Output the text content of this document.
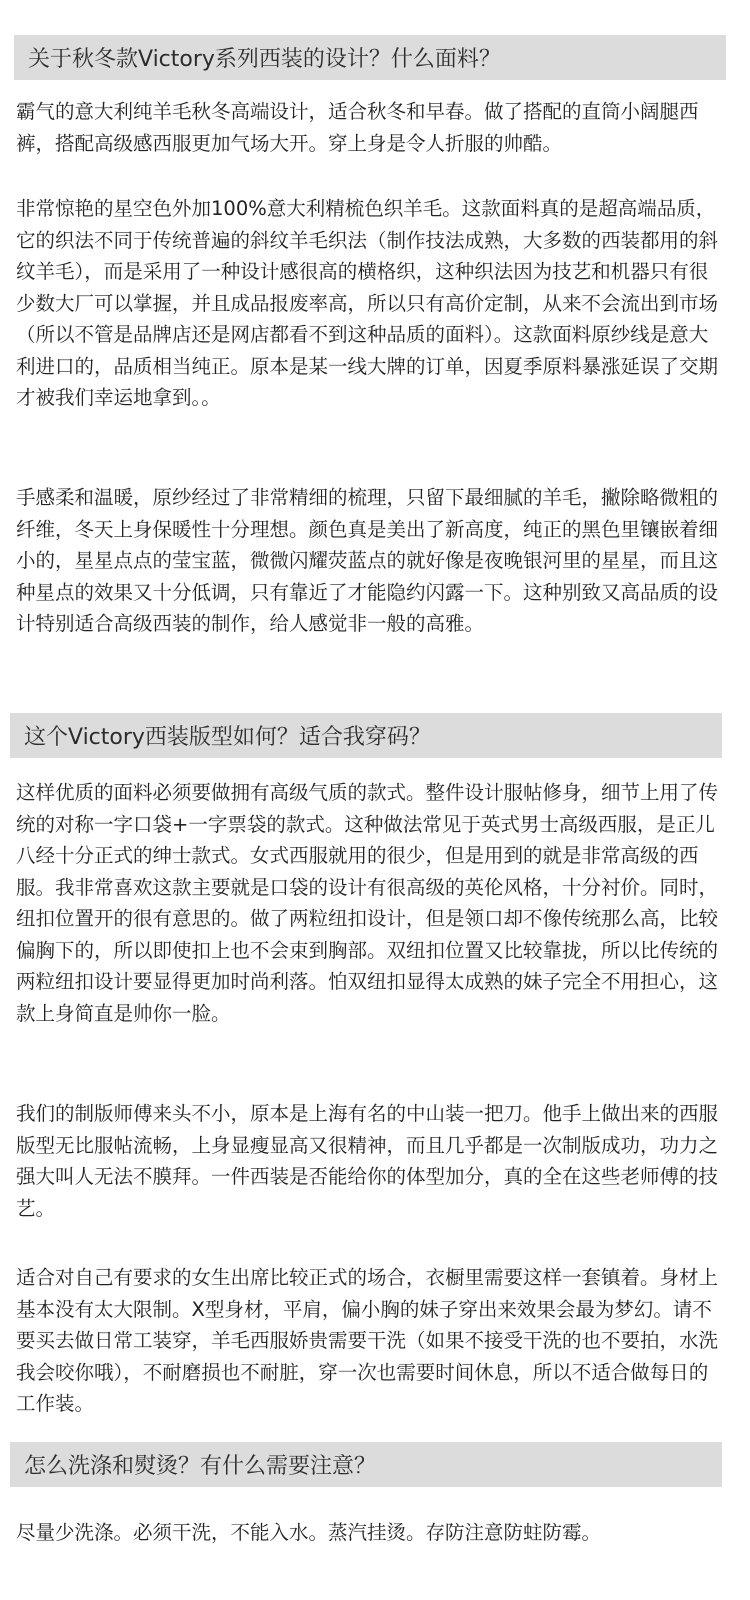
关于秋冬款Victory系列西装的设计？什么面料？

霸气的意大利纯羊毛秋冬高端设计，适合秋冬和早春。做了搭配的直筒小阔腿西裤，搭配高级感西服更加气场大开。穿上身是令人折服的帅酷。

非常惊艳的星空色外加100%意大利精梳色织羊毛。这款面料真的是超高端品质，它的织法不同于传统普遍的斜纹羊毛织法（制作技法成熟，大多数的西装都用的斜纹羊毛），而是采用了一种设计感很高的横格织，这种织法因为技艺和机器只有很少数大厂可以掌握，并且成品报废率高，所以只有高价定制，从来不会流出到市场（所以不管是品牌店还是网店都看不到这种品质的面料）。这款面料原纱线是意大利进口的，品质相当纯正。原本是某一线大牌的订单，因夏季原料暴涨延误了交期才被我们幸运地拿到。。

手感柔和温暖，原纱经过了非常精细的梳理，只留下最细腻的羊毛，撇除略微粗的纤维，冬天上身保暖性十分理想。颜色真是美出了新高度，纯正的黑色里镶嵌着细小的，星星点点的莹宝蓝，微微闪耀荧蓝点的就好像是夜晚银河里的星星，而且这种星点的效果又十分低调，只有靠近了才能隐约闪露一下。这种别致又高品质的设计特别适合高级西装的制作，给人感觉非一般的高雅。

这个Victory西装版型如何？适合我穿码？

这样优质的面料必须要做拥有高级气质的款式。整件设计服帖修身，细节上用了传统的对称一字口袋+一字票袋的款式。这种做法常见于英式男士高级西服，是正儿八经十分正式的绅士款式。女式西服就用的很少，但是用到的就是非常高级的西服。我非常喜欢这款主要就是口袋的设计有很高级的英伦风格，十分衬价。同时，纽扣位置开的很有意思的。做了两粒纽扣设计，但是领口却不像传统那么高，比较偏胸下的，所以即使扣上也不会束到胸部。双纽扣位置又比较靠拢，所以比传统的两粒纽扣设计要显得更加时尚利落。怕双纽扣显得太成熟的妹子完全不用担心，这款上身简直是帅你一脸。

我们的制版师傅来头不小，原本是上海有名的中山装一把刀。他手上做出来的西服版型无比服帖流畅，上身显瘦显高又很精神，而且几乎都是一次制版成功，功力之强大叫人无法不膜拜。一件西装是否能给你的体型加分，真的全在这些老师傅的技艺。

适合对自己有要求的女生出席比较正式的场合，衣橱里需要这样一套镇着。身材上基本没有太大限制。X型身材，平肩，偏小胸的妹子穿出来效果会最为梦幻。请不要买去做日常工装穿，羊毛西服娇贵需要干洗（如果不接受干洗的也不要拍，水洗我会咬你哦），不耐磨损也不耐脏，穿一次也需要时间休息，所以不适合做每日的工作装。

怎么洗涤和熨烫？有什么需要注意？

尽量少洗涤。必须干洗，不能入水。蒸汽挂烫。存防注意防蛀防霉。
